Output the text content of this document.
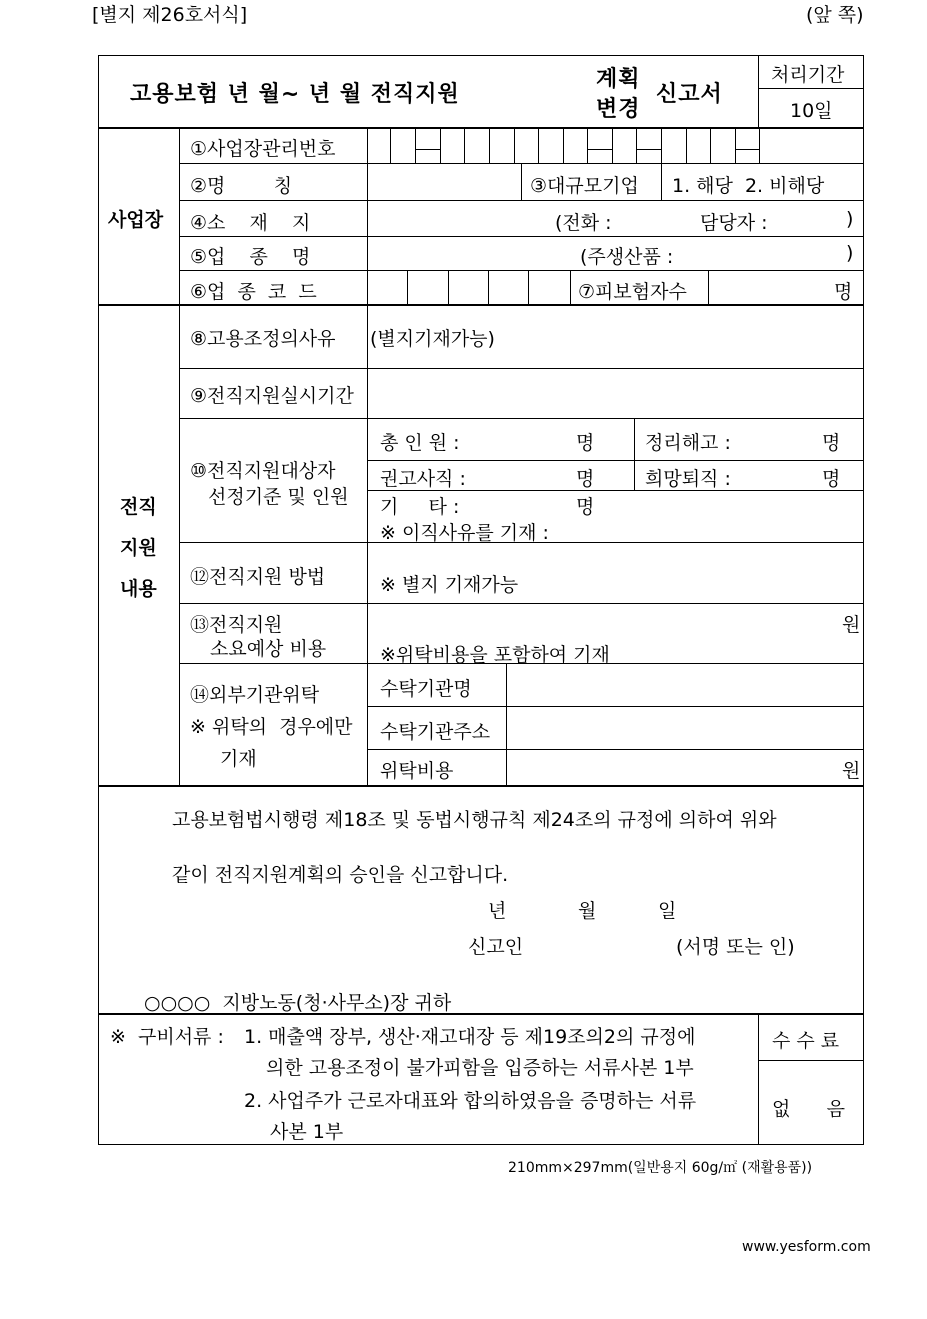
[별지 제26호서식]	(앞 쪽)
고용보험 년 월~ 년 월 전직지원
계획
변경
신고서
처리기간
10일
사업장
①사업장관리번호
②명        칭	③대규모기업 1. 해당  2. 비해당
④소    재    지	(전화 :	담당자 :	)
⑤업    종    명	(주생산품 :	)
⑥업  종  코  드	⑦피보험자수	명
전직
지원
내용
⑧고용조정의사유 (별지기재가능)
⑨전직지원실시기간
⑩전직지원대상자
선정기준 및 인원
총 인 원 :	명	정리해고 :	명
권고사직 :	명	희망퇴직 :	명
기     타 :	명
※ 이직사유를 기재 :
⑫전직지원 방법	※ 별지 기재가능
⑬전직지원
소요예상 비용
원
※위탁비용을 포함하여 기재
⑭외부기관위탁
※ 위탁의  경우에만
기재
수탁기관명
수탁기관주소
위탁비용	원
고용보험법시행령 제18조 및 동법시행규칙 제24조의 규정에 의하여 위와
같이 전직지원계획의 승인을 신고합니다.
년	월	일
신고인	(서명 또는 인)
○○○○  지방노동(청·사무소)장 귀하
※  구비서류 : 1. 매출액 장부, 생산·재고대장 등 제19조의2의 규정에
의한 고용조정이 불가피함을 입증하는 서류사본 1부
2. 사업주가 근로자대표와 합의하였음을 증명하는 서류
사본 1부
수 수 료
없      음
210mm×297mm(일반용지 60g/㎡ (재활용품))
www.yesform.com
